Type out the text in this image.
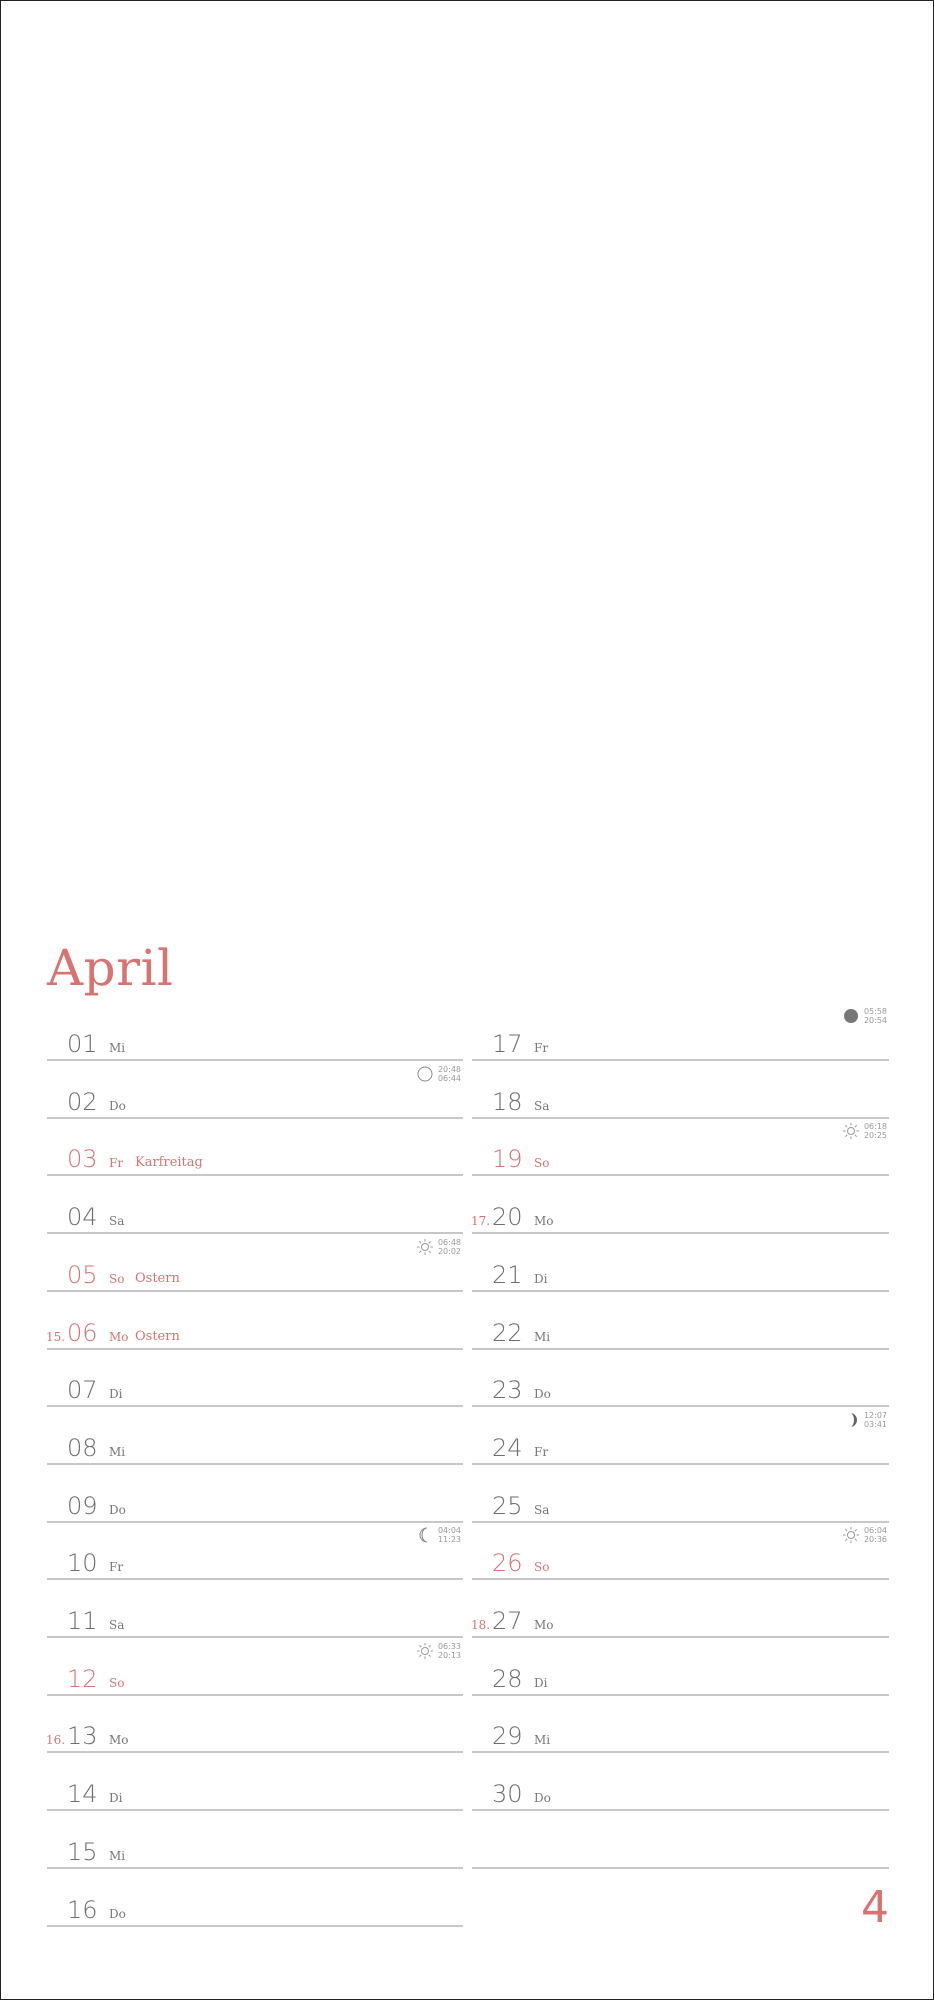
April
01 Mi
02 Do
20:48
06:44
03 Fr Karfreitag
04 Sa
05 So Ostern
06:48
20:02
15. 06 Mo Ostern
07 Di
08 Mi
09 Do
10 Fr
04:04
11:23
11 Sa
12 So
06:33
20:13
16. 13 Mo
14 Di
15 Mi
16 Do
17 Fr
05:58
20:54
18 Sa
19 So
06:18
20:25
17. 20 Mo
21 Di
22 Mi
23 Do
24 Fr
12:07
03:41
25 Sa
26 So
06:04
20:36
18. 27 Mo
28 Di
29 Mi
30 Do
4
